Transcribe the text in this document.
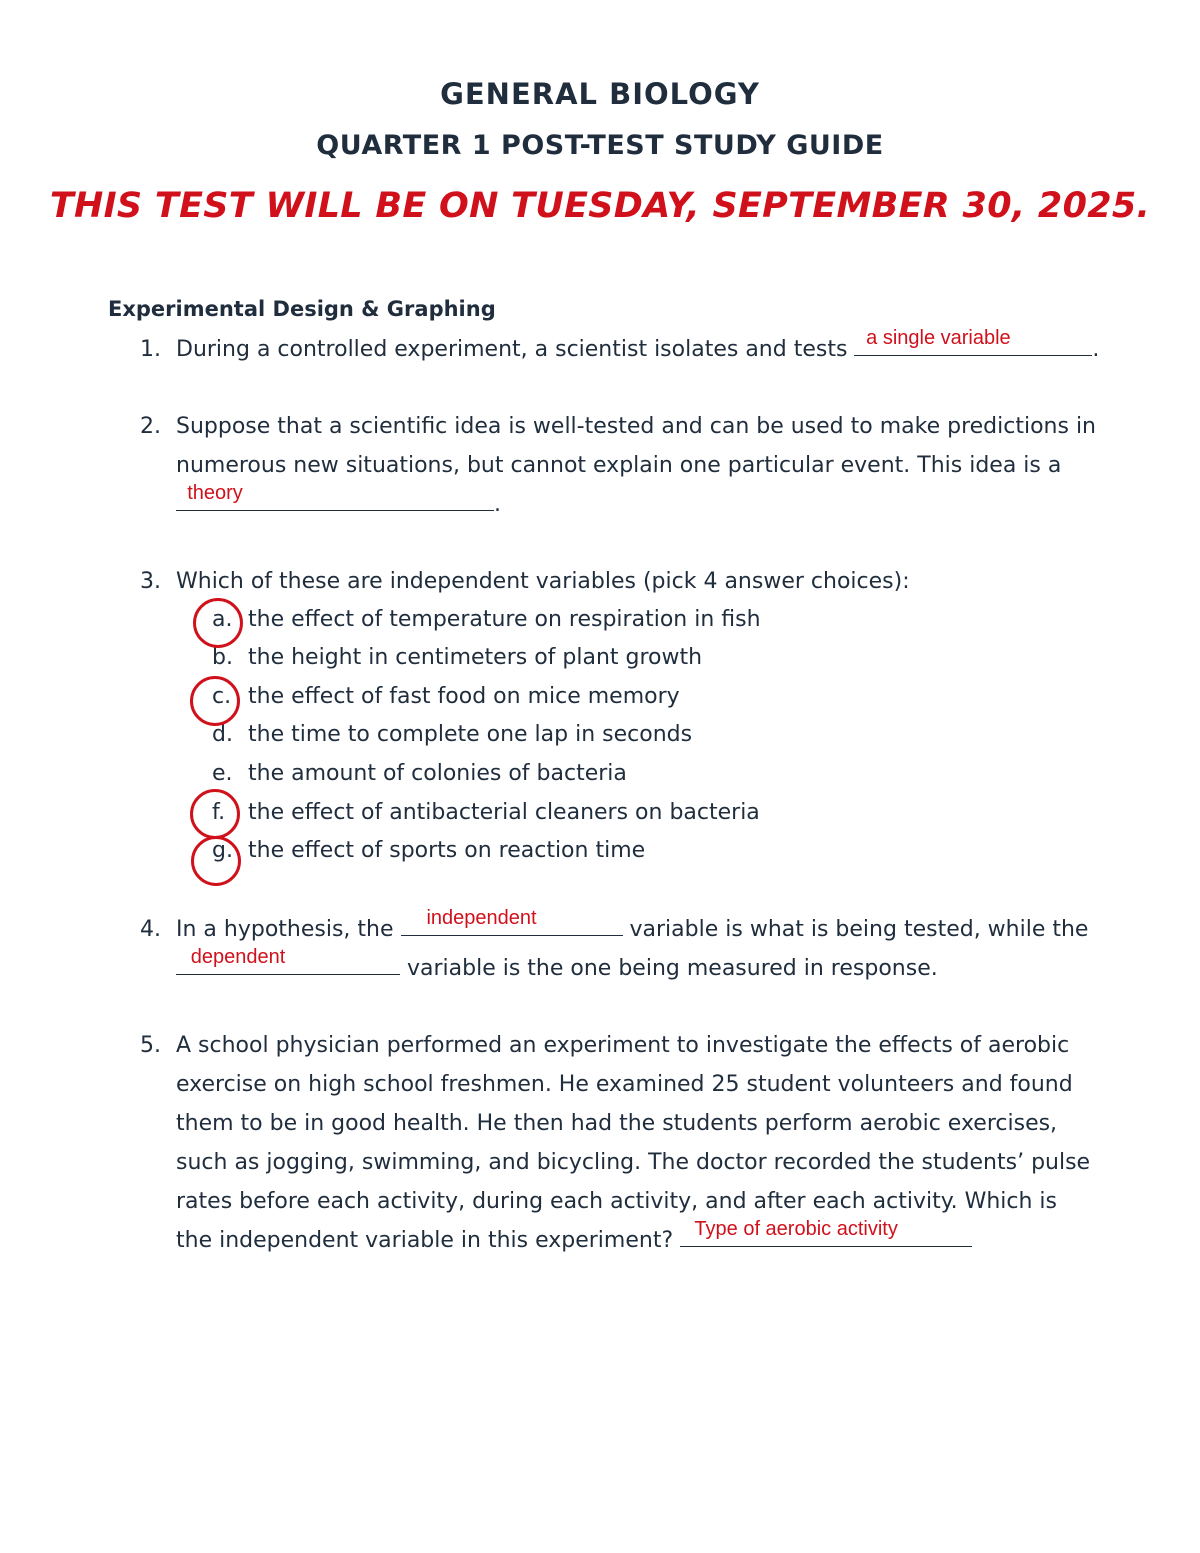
GENERAL BIOLOGY
QUARTER 1 POST-TEST STUDY GUIDE
THIS TEST WILL BE ON TUESDAY, SEPTEMBER 30, 2025.
Experimental Design & Graphing
1. During a controlled experiment, a scientist isolates and tests a single variable	.
2. Suppose that a scientific idea is well-tested and can be used to make predictions in
numerous new situations, but cannot explain one particular event. This idea is a
theory	.
3. Which of these are independent variables (pick 4 answer choices):
a. the effect of temperature on respiration in fish
b. the height in centimeters of plant growth
c. the effect of fast food on mice memory
d. the time to complete one lap in seconds
e. the amount of colonies of bacteria
f.	the effect of antibacterial cleaners on bacteria
g. the effect of sports on reaction time
4. In a hypothesis, the	independent	variable is what is being tested, while the
dependent	variable is the one being measured in response.
5. A school physician performed an experiment to investigate the effects of aerobic
exercise on high school freshmen. He examined 25 student volunteers and found
them to be in good health. He then had the students perform aerobic exercises,
such as jogging, swimming, and bicycling. The doctor recorded the students’ pulse
rates before each activity, during each activity, and after each activity. Which is
the independent variable in this experiment? Type of aerobic activity
